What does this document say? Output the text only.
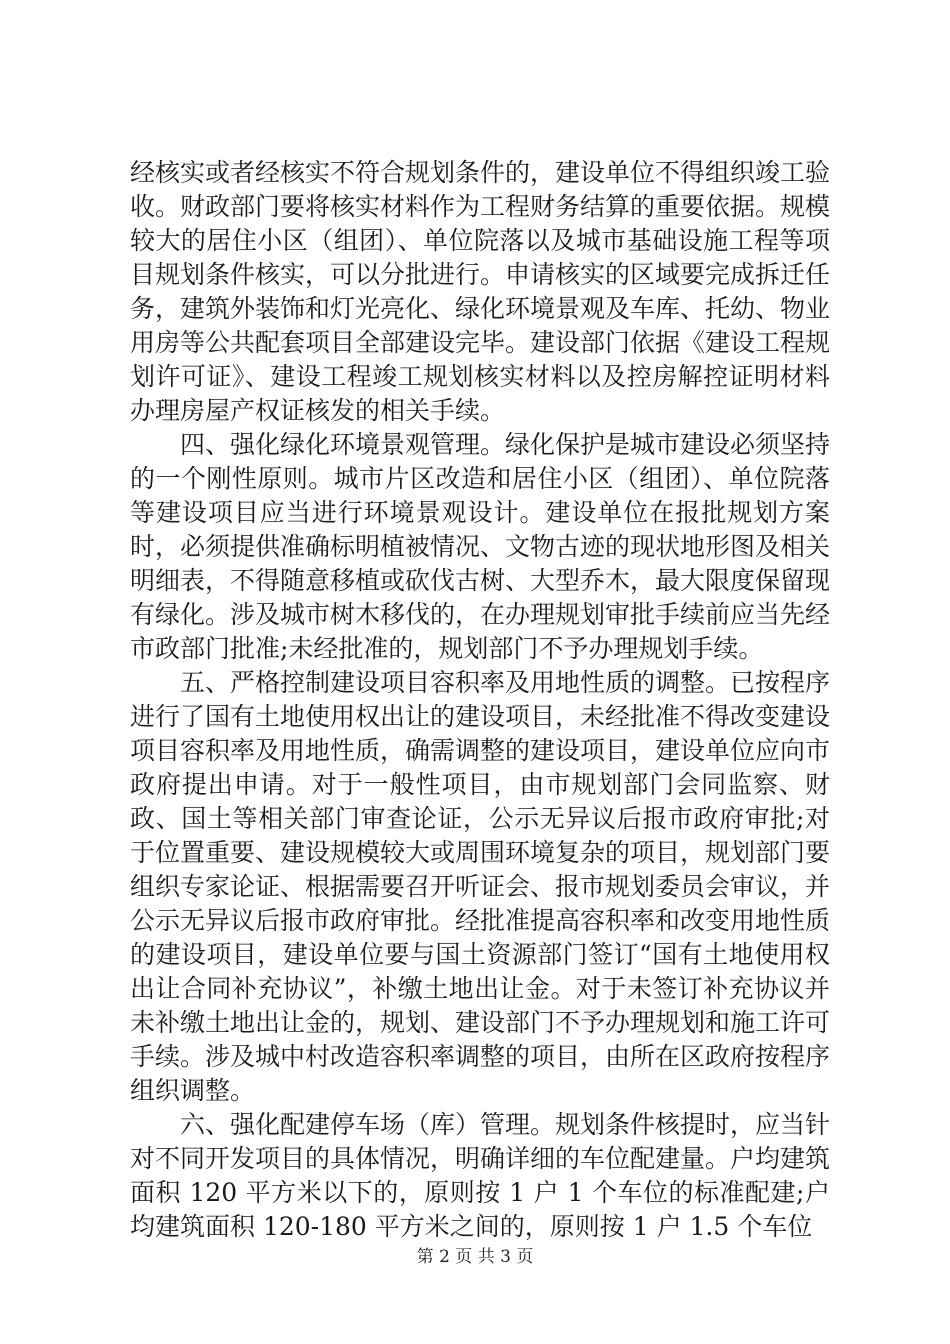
经核实或者经核实不符合规划条件的，建设单位不得组织竣工验收。财政部门要将核实材料作为工程财务结算的重要依据。规模较大的居住小区（组团）、单位院落以及城市基础设施工程等项目规划条件核实，可以分批进行。申请核实的区域要完成拆迁任务，建筑外装饰和灯光亮化、绿化环境景观及车库、托幼、物业用房等公共配套项目全部建设完毕。建设部门依据《建设工程规划许可证》、建设工程竣工规划核实材料以及控房解控证明材料办理房屋产权证核发的相关手续。

四、强化绿化环境景观管理。绿化保护是城市建设必须坚持的一个刚性原则。城市片区改造和居住小区（组团）、单位院落等建设项目应当进行环境景观设计。建设单位在报批规划方案时，必须提供准确标明植被情况、文物古迹的现状地形图及相关明细表，不得随意移植或砍伐古树、大型乔木，最大限度保留现有绿化。涉及城市树木移伐的，在办理规划审批手续前应当先经市政部门批准;未经批准的，规划部门不予办理规划手续。

五、严格控制建设项目容积率及用地性质的调整。已按程序进行了国有土地使用权出让的建设项目，未经批准不得改变建设项目容积率及用地性质，确需调整的建设项目，建设单位应向市政府提出申请。对于一般性项目，由市规划部门会同监察、财政、国土等相关部门审查论证，公示无异议后报市政府审批;对于位置重要、建设规模较大或周围环境复杂的项目，规划部门要组织专家论证、根据需要召开听证会、报市规划委员会审议，并公示无异议后报市政府审批。经批准提高容积率和改变用地性质的建设项目，建设单位要与国土资源部门签订“国有土地使用权出让合同补充协议”，补缴土地出让金。对于未签订补充协议并未补缴土地出让金的，规划、建设部门不予办理规划和施工许可手续。涉及城中村改造容积率调整的项目，由所在区政府按程序组织调整。

六、强化配建停车场（库）管理。规划条件核提时，应当针对不同开发项目的具体情况，明确详细的车位配建量。户均建筑面积 120 平方米以下的，原则按 1 户 1 个车位的标准配建;户均建筑面积 120-180 平方米之间的，原则按 1 户 1.5 个车位

第 2 页 共 3 页
